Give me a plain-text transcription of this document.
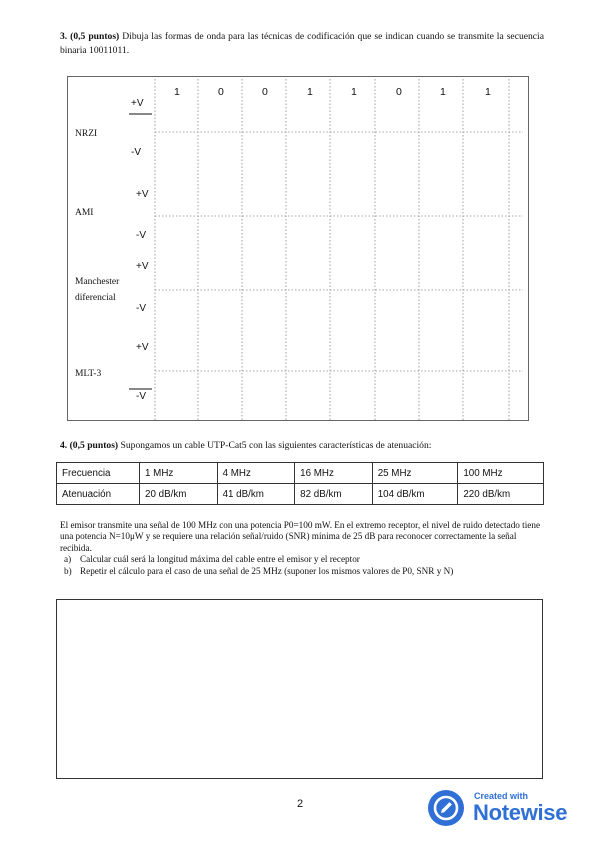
3. (0,5 puntos) Dibuja las formas de onda para las técnicas de codificación que se indican cuando se transmite la secuencia binaria 10011011.
1	0	0	1	1	0	1	1
+V
NRZI
-V
+V
AMI
-V
+V
Manchester
diferencial
-V
+V
MLT-3
-V
4. (0,5 puntos) Supongamos un cable UTP-Cat5 con las siguientes características de atenuación:
Frecuencia	1 MHz	4 MHz	16 MHz	25 MHz	100 MHz
Atenuación	20 dB/km	41 dB/km	82 dB/km	104 dB/km	220 dB/km
El emisor transmite una señal de 100 MHz con una potencia P0=100 mW. En el extremo receptor, el nivel de ruido detectado tiene una potencia N=10μW y se requiere una relación señal/ruido (SNR) mínima de 25 dB para reconocer correctamente la señal recibida.
a) Calcular cuál será la longitud máxima del cable entre el emisor y el receptor
b) Repetir el cálculo para el caso de una señal de 25 MHz (suponer los mismos valores de P0, SNR y N)
2
Created with
Notewise
